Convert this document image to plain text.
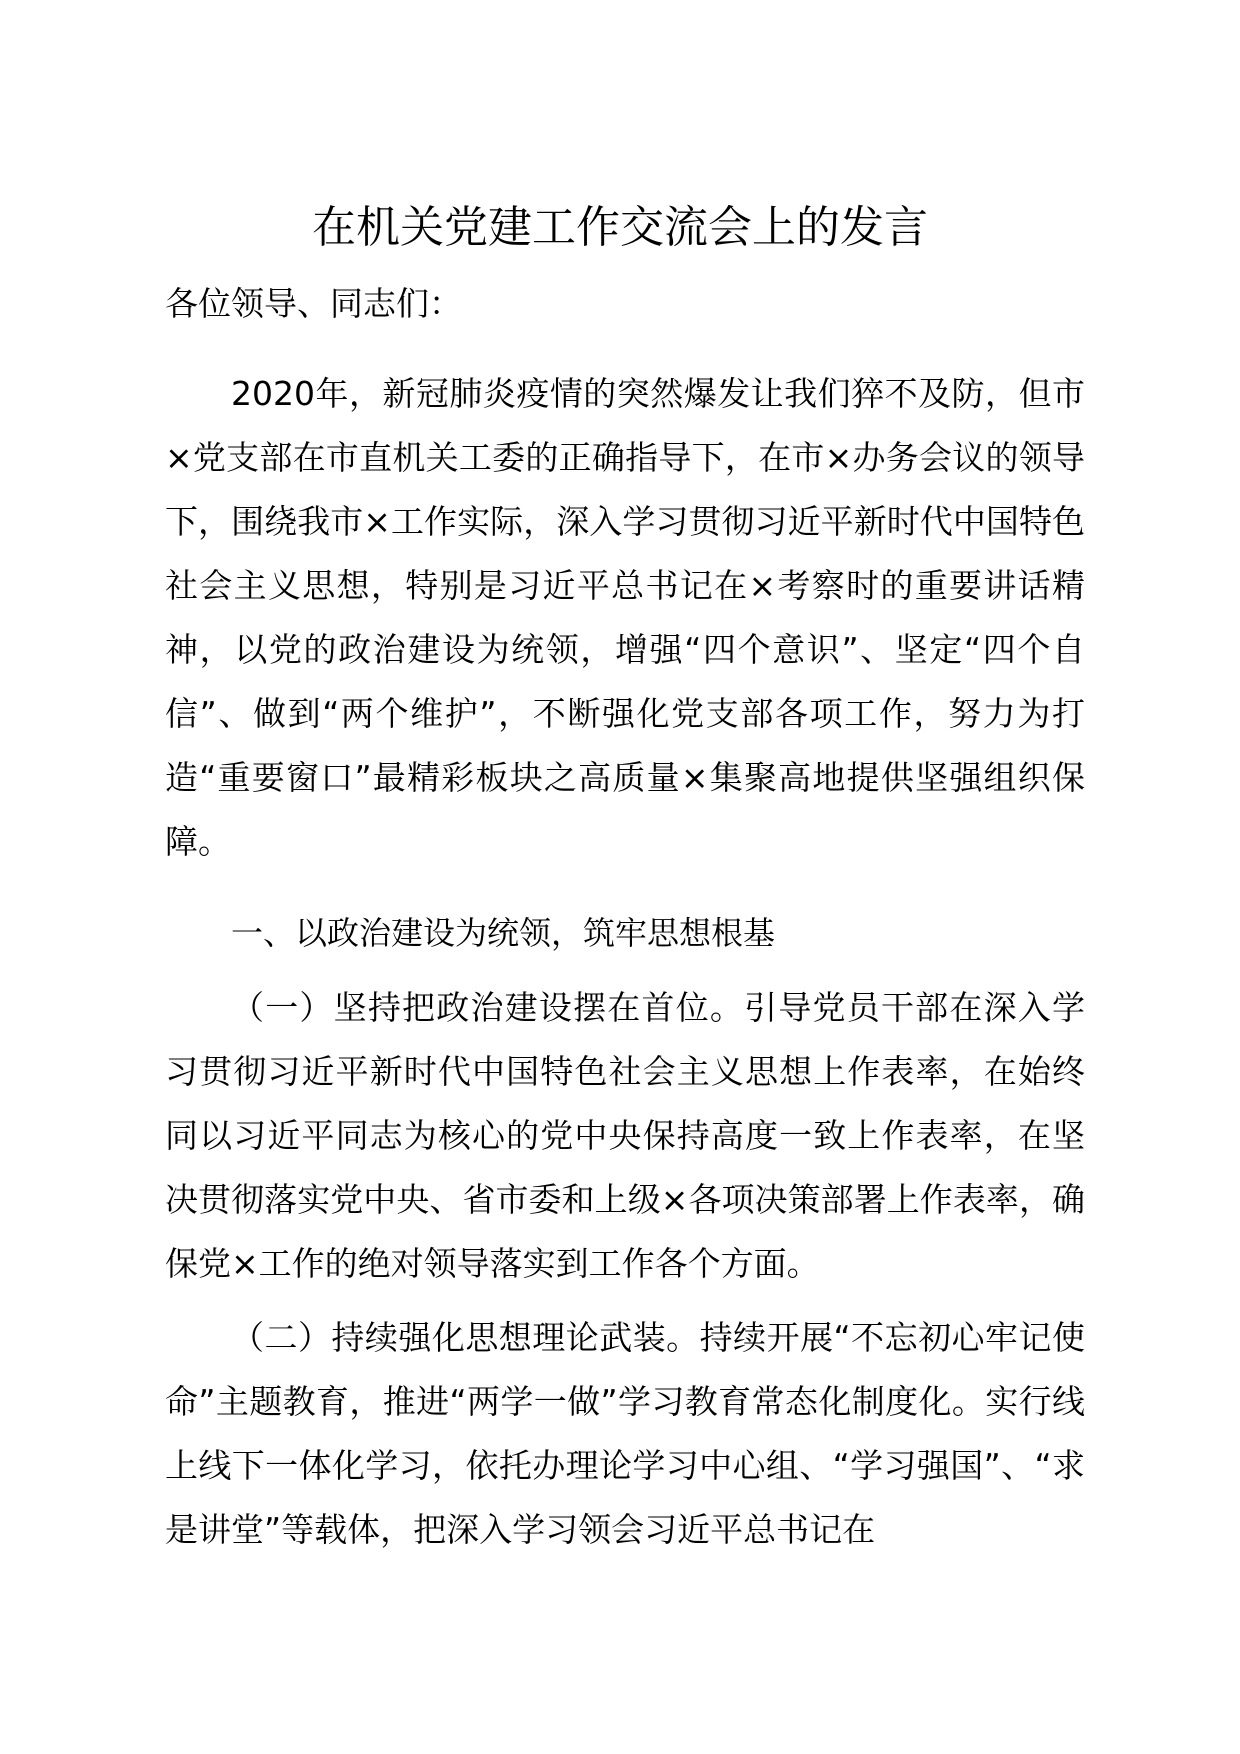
在机关党建工作交流会上的发言
各位领导、同志们：

2020年，新冠肺炎疫情的突然爆发让我们猝不及防，但市×党支部在市直机关工委的正确指导下，在市×办务会议的领导下，围绕我市×工作实际，深入学习贯彻习近平新时代中国特色社会主义思想，特别是习近平总书记在×考察时的重要讲话精神，以党的政治建设为统领，增强“四个意识”、坚定“四个自信”、做到“两个维护”，不断强化党支部各项工作，努力为打造“重要窗口”最精彩板块之高质量×集聚高地提供坚强组织保障。

一、以政治建设为统领，筑牢思想根基

（一）坚持把政治建设摆在首位。引导党员干部在深入学习贯彻习近平新时代中国特色社会主义思想上作表率，在始终同以习近平同志为核心的党中央保持高度一致上作表率，在坚决贯彻落实党中央、省市委和上级×各项决策部署上作表率，确保党×工作的绝对领导落实到工作各个方面。

（二）持续强化思想理论武装。持续开展“不忘初心牢记使命”主题教育，推进“两学一做”学习教育常态化制度化。实行线上线下一体化学习，依托办理论学习中心组、“学习强国”、“求是讲堂”等载体，把深入学习领会习近平总书记在
